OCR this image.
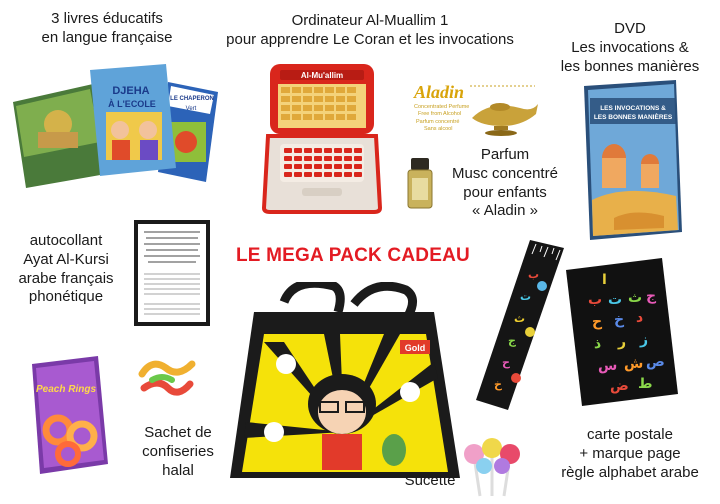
LE MEGA PACK CADEAU
3 livres éducatifs
en langue française
DJEHA
À L'ECOLE LE CHAPERON
Vert
Ordinateur Al-Muallim 1
pour apprendre Le Coran et les invocations
Al-Mu'allim
Aladin
Concentrated Perfume
Free from Alcohol
Parfum concentré
Sans alcool
Parfum
Musc concentré
pour enfants
« Aladin »
DVD
Les invocations &
les bonnes manières
LES INVOCATIONS &
LES BONNES MANIÈRES
autocollant
Ayat Al-Kursi
arabe français
phonétique
Gold
ب
ت
ث
ج
ح
خ
ا
ب ت ث ج
ح خ د
ذ ر ز
س ش ص
ض ط
carte postale
+ marque page
règle alphabet arabe
Peach Rings
Sachet de
confiseries
halal
Sucette
